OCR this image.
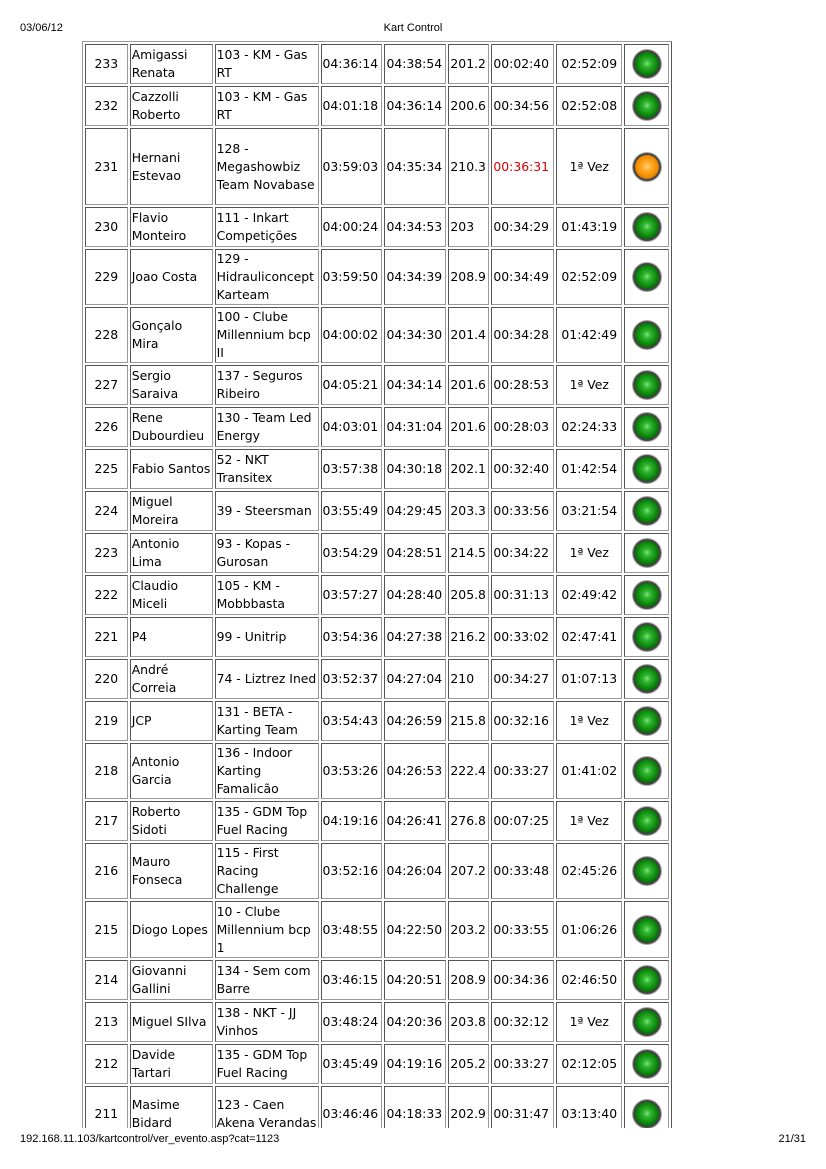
03/06/12	Kart Control
233	Amigassi Renata	103 - KM - Gas RT	04:36:14	04:38:54	201.2	00:02:40	02:52:09	
232	Cazzolli Roberto	103 - KM - Gas RT	04:01:18	04:36:14	200.6	00:34:56	02:52:08	
231	Hernani Estevao	128 - Megashowbiz Team Novabase	03:59:03	04:35:34	210.3	00:36:31	1ª Vez	
230	Flavio Monteiro	111 - Inkart Competições	04:00:24	04:34:53	203	00:34:29	01:43:19	
229	Joao Costa	129 - Hidrauliconcept Karteam	03:59:50	04:34:39	208.9	00:34:49	02:52:09	
228	Gonçalo Mira	100 - Clube Millennium bcp II	04:00:02	04:34:30	201.4	00:34:28	01:42:49	
227	Sergio Saraiva	137 - Seguros Ribeiro	04:05:21	04:34:14	201.6	00:28:53	1ª Vez	
226	Rene Dubourdieu	130 - Team Led Energy	04:03:01	04:31:04	201.6	00:28:03	02:24:33	
225	Fabio Santos	52 - NKT Transitex	03:57:38	04:30:18	202.1	00:32:40	01:42:54	
224	Miguel Moreira	39 - Steersman	03:55:49	04:29:45	203.3	00:33:56	03:21:54	
223	Antonio Lima	93 - Kopas - Gurosan	03:54:29	04:28:51	214.5	00:34:22	1ª Vez	
222	Claudio Miceli	105 - KM - Mobbbasta	03:57:27	04:28:40	205.8	00:31:13	02:49:42	
221	P4	99 - Unitrip	03:54:36	04:27:38	216.2	00:33:02	02:47:41	
220	André Correia	74 - Liztrez Ined	03:52:37	04:27:04	210	00:34:27	01:07:13	
219	JCP	131 - BETA - Karting Team	03:54:43	04:26:59	215.8	00:32:16	1ª Vez	
218	Antonio Garcia	136 - Indoor Karting Famalicão	03:53:26	04:26:53	222.4	00:33:27	01:41:02	
217	Roberto Sidoti	135 - GDM Top Fuel Racing	04:19:16	04:26:41	276.8	00:07:25	1ª Vez	
216	Mauro Fonseca	115 - First Racing Challenge	03:52:16	04:26:04	207.2	00:33:48	02:45:26	
215	Diogo Lopes	10 - Clube Millennium bcp 1	03:48:55	04:22:50	203.2	00:33:55	01:06:26	
214	Giovanni Gallini	134 - Sem com Barre	03:46:15	04:20:51	208.9	00:34:36	02:46:50	
213	Miguel SIlva	138 - NKT - JJ Vinhos	03:48:24	04:20:36	203.8	00:32:12	1ª Vez	
212	Davide Tartari	135 - GDM Top Fuel Racing	03:45:49	04:19:16	205.2	00:33:27	02:12:05	
211	Masime Bidard	123 - Caen Akena Verandas	03:46:46	04:18:33	202.9	00:31:47	03:13:40	
192.168.11.103/kartcontrol/ver_evento.asp?cat=1123	21/31
